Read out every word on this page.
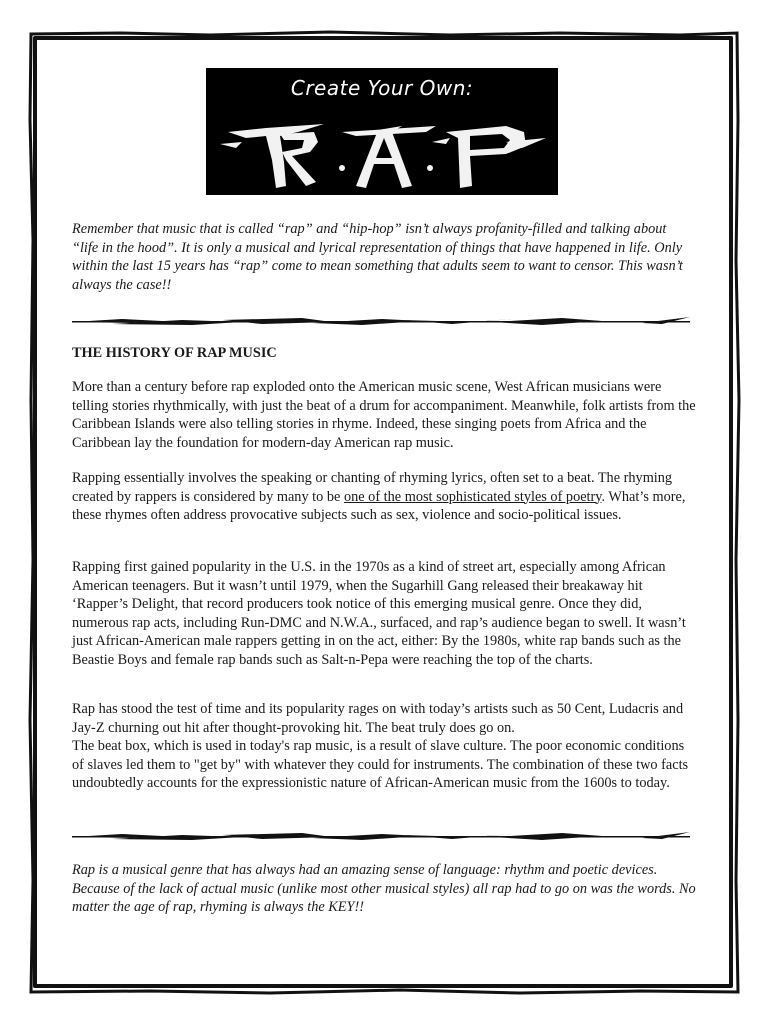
Create Your Own:

Remember that music that is called “rap” and “hip-hop” isn’t always profanity-filled and talking about “life in the hood”. It is only a musical and lyrical representation of things that have happened in life. Only within the last 15 years has “rap” come to mean something that adults seem to want to censor. This wasn’t always the case!!

THE HISTORY OF RAP MUSIC

More than a century before rap exploded onto the American music scene, West African musicians were telling stories rhythmically, with just the beat of a drum for accompaniment. Meanwhile, folk artists from the Caribbean Islands were also telling stories in rhyme. Indeed, these singing poets from Africa and the Caribbean lay the foundation for modern-day American rap music.

Rapping essentially involves the speaking or chanting of rhyming lyrics, often set to a beat. The rhyming created by rappers is considered by many to be one of the most sophisticated styles of poetry. What’s more, these rhymes often address provocative subjects such as sex, violence and socio-political issues.

Rapping first gained popularity in the U.S. in the 1970s as a kind of street art, especially among African American teenagers. But it wasn’t until 1979, when the Sugarhill Gang released their breakaway hit ‘Rapper’s Delight, that record producers took notice of this emerging musical genre. Once they did, numerous rap acts, including Run-DMC and N.W.A., surfaced, and rap’s audience began to swell. It wasn’t just African-American male rappers getting in on the act, either: By the 1980s, white rap bands such as the Beastie Boys and female rap bands such as Salt-n-Pepa were reaching the top of the charts.

Rap has stood the test of time and its popularity rages on with today’s artists such as 50 Cent, Ludacris and Jay-Z churning out hit after thought-provoking hit. The beat truly does go on.

The beat box, which is used in today's rap music, is a result of slave culture. The poor economic conditions of slaves led them to "get by" with whatever they could for instruments. The combination of these two facts undoubtedly accounts for the expressionistic nature of African-American music from the 1600s to today.

Rap is a musical genre that has always had an amazing sense of language: rhythm and poetic devices. Because of the lack of actual music (unlike most other musical styles) all rap had to go on was the words. No matter the age of rap, rhyming is always the KEY!!
